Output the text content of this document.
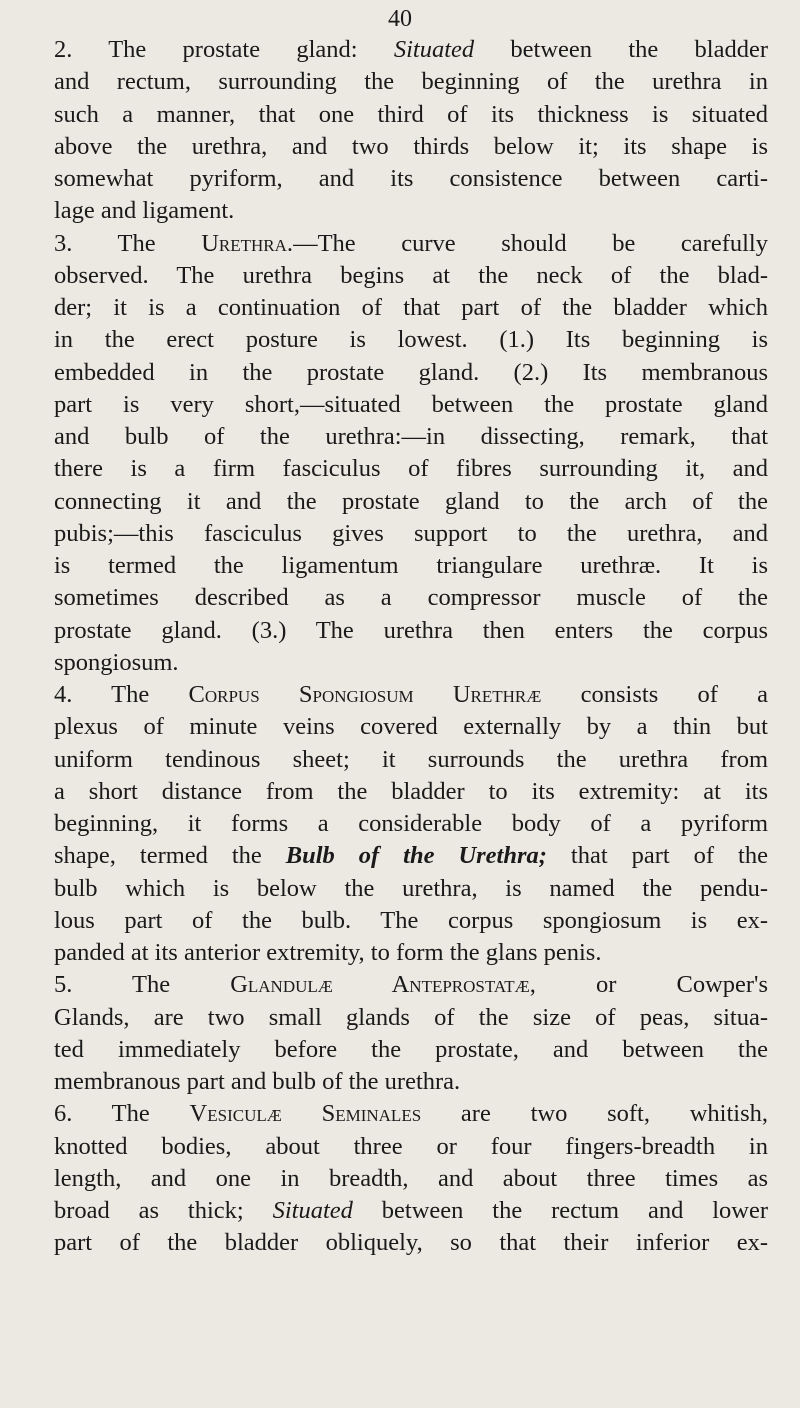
40
2. The prostate gland: Situated between the bladder
and rectum, surrounding the beginning of the urethra in
such a manner, that one third of its thickness is situated
above the urethra, and two thirds below it; its shape is
somewhat pyriform, and its consistence between carti-
lage and ligament.
3. The Urethra.—The curve should be carefully
observed. The urethra begins at the neck of the blad-
der; it is a continuation of that part of the bladder which
in the erect posture is lowest. (1.) Its beginning is
embedded in the prostate gland. (2.) Its membranous
part is very short,—situated between the prostate gland
and bulb of the urethra:—in dissecting, remark, that
there is a firm fasciculus of fibres surrounding it, and
connecting it and the prostate gland to the arch of the
pubis;—this fasciculus gives support to the urethra, and
is termed the ligamentum triangulare urethræ. It is
sometimes described as a compressor muscle of the
prostate gland. (3.) The urethra then enters the corpus
spongiosum.
4. The Corpus Spongiosum Urethræ consists of a
plexus of minute veins covered externally by a thin but
uniform tendinous sheet; it surrounds the urethra from
a short distance from the bladder to its extremity: at its
beginning, it forms a considerable body of a pyriform
shape, termed the Bulb of the Urethra; that part of the
bulb which is below the urethra, is named the pendu-
lous part of the bulb. The corpus spongiosum is ex-
panded at its anterior extremity, to form the glans penis.
5. The Glandulæ Anteprostatæ, or Cowper's
Glands, are two small glands of the size of peas, situa-
ted immediately before the prostate, and between the
membranous part and bulb of the urethra.
6. The Vesiculæ Seminales are two soft, whitish,
knotted bodies, about three or four fingers-breadth in
length, and one in breadth, and about three times as
broad as thick; Situated between the rectum and lower
part of the bladder obliquely, so that their inferior ex-
